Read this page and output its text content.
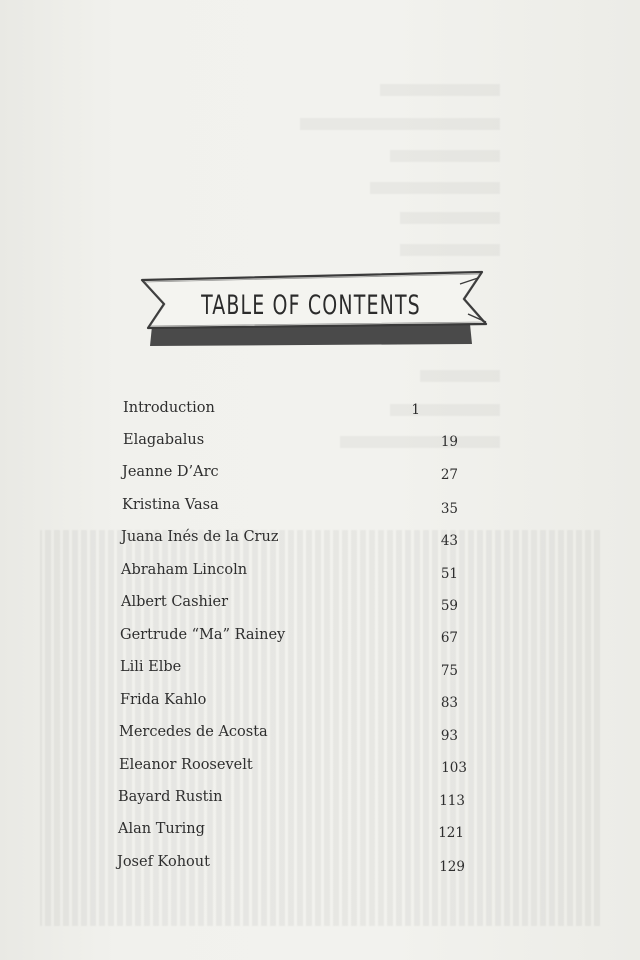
TABLE OF CONTENTS
Introduction	1
Elagabalus	19
Jeanne D’Arc	27
Kristina Vasa	35
Juana Inés de la Cruz	43
Abraham Lincoln	51
Albert Cashier	59
Gertrude “Ma” Rainey	67
Lili Elbe	75
Frida Kahlo	83
Mercedes de Acosta	93
Eleanor Roosevelt	103
Bayard Rustin	113
Alan Turing	121
Josef Kohout	129
